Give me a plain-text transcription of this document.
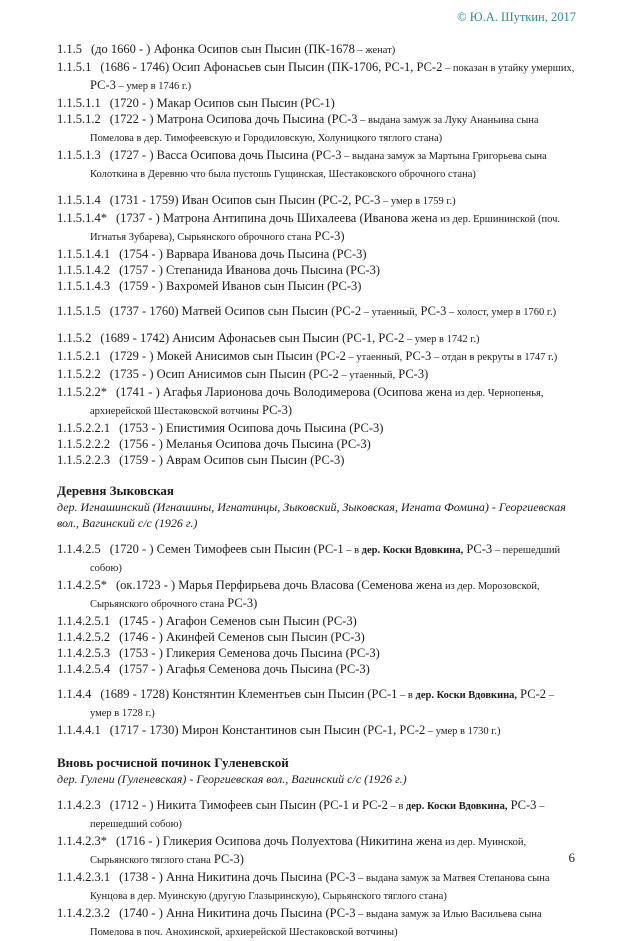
© Ю.А. Шуткин, 2017

1.1.5 (до 1660 - ) Афонка Осипов сын Пысин (ПК-1678 – женат)

1.1.5.1 (1686 - 1746) Осип Афонасьев сын Пысин (ПК-1706, РС-1, РС-2 – показан в утайку умерших, РС-3 – умер в 1746 г.)

1.1.5.1.1 (1720 - ) Макар Осипов сын Пысин (РС-1)

1.1.5.1.2 (1722 - ) Матрона Осипова дочь Пысина (РС-3 – выдана замуж за Луку Ананьина сына Помелова в дер. Тимофеевскую и Городиловскую, Холуницкого тяглого стана)

1.1.5.1.3 (1727 - ) Васса Осипова дочь Пысина (РС-3 – выдана замуж за Мартына Григорьева сына Колоткина в Деревню что была пустошь Гущинская, Шестаковского оброчного стана)

1.1.5.1.4 (1731 - 1759) Иван Осипов сын Пысин (РС-2, РС-3 – умер в 1759 г.)

1.1.5.1.4* (1737 - ) Матрона Антипина дочь Шихалеева (Иванова жена из дер. Ершининской (поч. Игнатья Зубарева), Сырьянского оброчного стана РС-3)

1.1.5.1.4.1 (1754 - ) Варвара Иванова дочь Пысина (РС-3)

1.1.5.1.4.2 (1757 - ) Степанида Иванова дочь Пысина (РС-3)

1.1.5.1.4.3 (1759 - ) Вахромей Иванов сын Пысин (РС-3)

1.1.5.1.5 (1737 - 1760) Матвей Осипов сын Пысин (РС-2 – утаенный, РС-3 – холост, умер в 1760 г.)

1.1.5.2 (1689 - 1742) Анисим Афонасьев сын Пысин (РС-1, РС-2 – умер в 1742 г.)

1.1.5.2.1 (1729 - ) Мокей Анисимов сын Пысин (РС-2 – утаенный, РС-3 – отдан в рекруты в 1747 г.)

1.1.5.2.2 (1735 - ) Осип Анисимов сын Пысин (РС-2 – утаенный, РС-3)

1.1.5.2.2* (1741 - ) Агафья Ларионова дочь Володимерова (Осипова жена из дер. Чернопенья, архиерейской Шестаковской вотчины РС-3)

1.1.5.2.2.1 (1753 - ) Епистимия Осипова дочь Пысина (РС-3)

1.1.5.2.2.2 (1756 - ) Меланья Осипова дочь Пысина (РС-3)

1.1.5.2.2.3 (1759 - ) Аврам Осипов сын Пысин (РС-3)

Деревня Зыковская
дер. Игнашинский (Игнашины, Игнатинцы, Зыковский, Зыковская, Игната Фомина) - Георгиевская вол., Вагинский с/с (1926 г.)

1.1.4.2.5 (1720 - ) Семен Тимофеев сын Пысин (РС-1 – в дер. Коски Вдовкина, РС-3 – перешедший собою)

1.1.4.2.5* (ок.1723 - ) Марья Перфирьева дочь Власова (Семенова жена из дер. Морозовской, Сырьянского оброчного стана РС-3)

1.1.4.2.5.1 (1745 - ) Агафон Семенов сын Пысин (РС-3)

1.1.4.2.5.2 (1746 - ) Акинфей Семенов сын Пысин (РС-3)

1.1.4.2.5.3 (1753 - ) Гликерия Семенова дочь Пысина (РС-3)

1.1.4.2.5.4 (1757 - ) Агафья Семенова дочь Пысина (РС-3)

1.1.4.4 (1689 - 1728) Констянтин Клементьев сын Пысин (РС-1 – в дер. Коски Вдовкина, РС-2 – умер в 1728 г.)

1.1.4.4.1 (1717 - 1730) Мирон Константинов сын Пысин (РС-1, РС-2 – умер в 1730 г.)

Вновь росчисной починок Гуленевской
дер. Гулени (Гуленевская) - Георгиевская вол., Вагинский с/с (1926 г.)

1.1.4.2.3 (1712 - ) Никита Тимофеев сын Пысин (РС-1 и РС-2 – в дер. Коски Вдовкина, РС-3 – перешедший собою)

1.1.4.2.3* (1716 - ) Гликерия Осипова дочь Полуехтова (Никитина жена из дер. Муинской, Сырьянского тяглого стана РС-3)

1.1.4.2.3.1 (1738 - ) Анна Никитина дочь Пысина (РС-3 – выдана замуж за Матвея Степанова сына Кунцова в дер. Муинскую (другую Глазыринскую), Сырьянского тяглого стана)

1.1.4.2.3.2 (1740 - ) Анна Никитина дочь Пысина (РС-3 – выдана замуж за Илью Васильева сына Помелова в поч. Анохинской, архиерейской Шестаковской вотчины)

6
